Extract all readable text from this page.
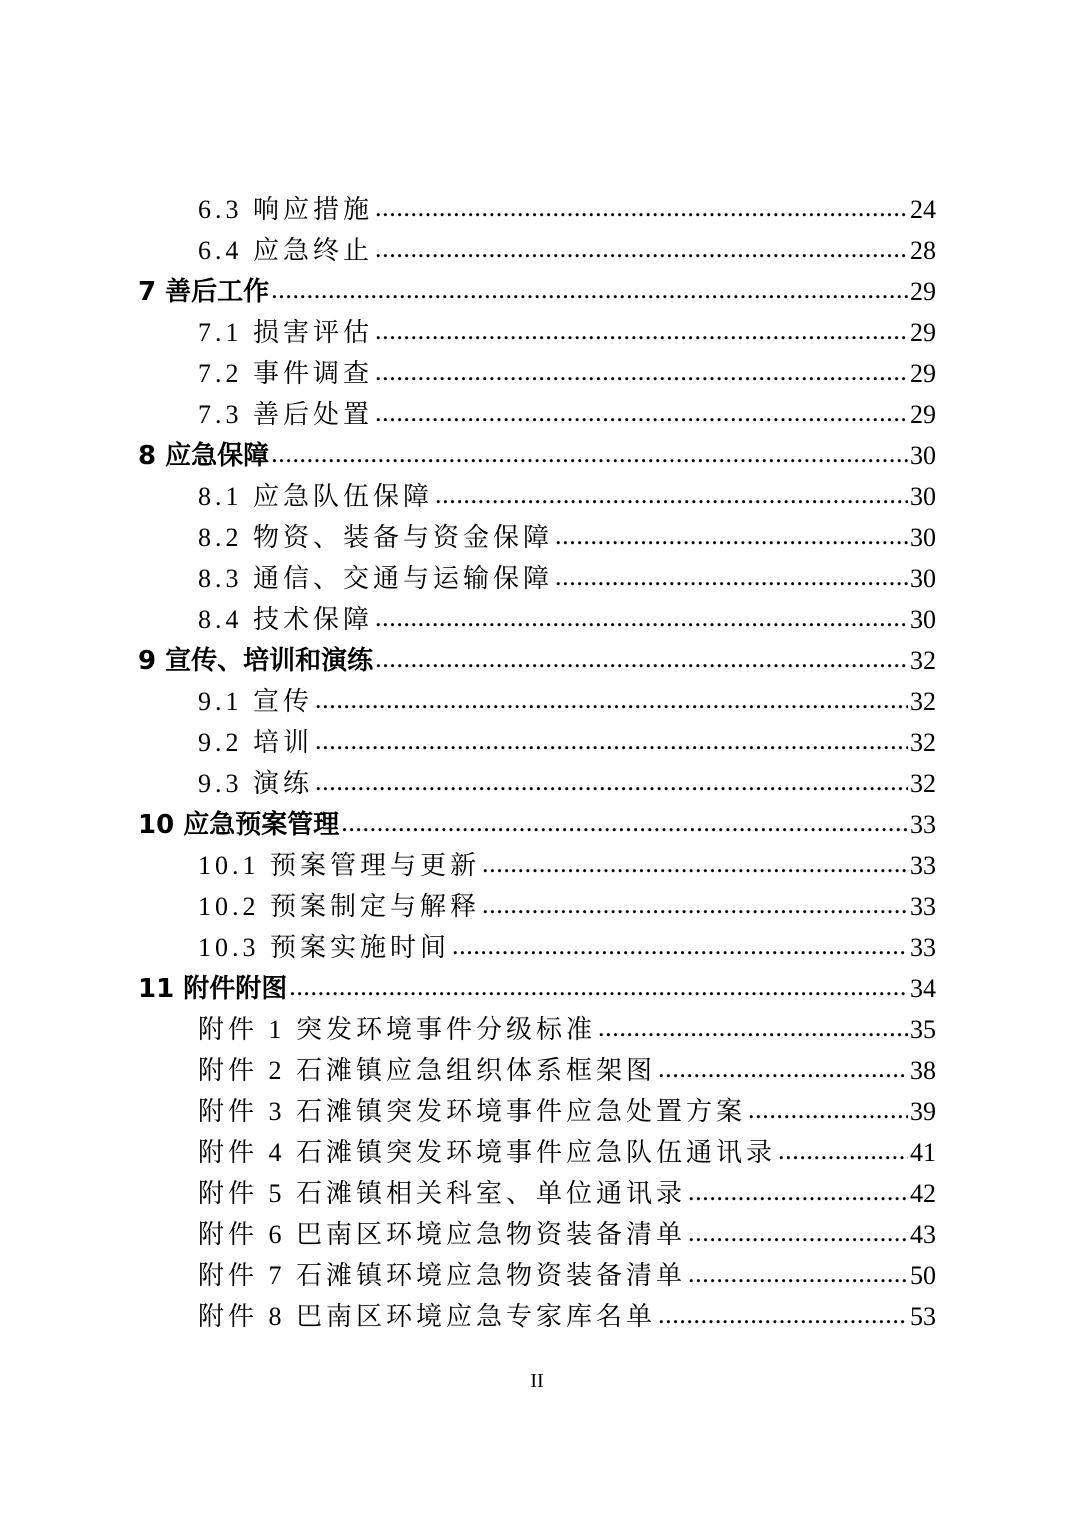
6.3 响应措施 .....	24
6.4 应急终止 .....	28
7 善后工作 .....	29
7.1 损害评估 .....	29
7.2 事件调查 .....	29
7.3 善后处置 .....	29
8 应急保障 .....	30
8.1 应急队伍保障 .....	30
8.2 物资、装备与资金保障 .....	30
8.3 通信、交通与运输保障 .....	30
8.4 技术保障 .....	30
9 宣传、培训和演练 .....	32
9.1 宣传 .....	32
9.2 培训 .....	32
9.3 演练 .....	32
10 应急预案管理 .....	33
10.1 预案管理与更新 .....	33
10.2 预案制定与解释 .....	33
10.3 预案实施时间 .....	33
11 附件附图 .....	34
附件 1 突发环境事件分级标准 .....	35
附件 2 石滩镇应急组织体系框架图 .....	38
附件 3 石滩镇突发环境事件应急处置方案 .....	39
附件 4 石滩镇突发环境事件应急队伍通讯录 .....	41
附件 5 石滩镇相关科室、单位通讯录 .....	42
附件 6 巴南区环境应急物资装备清单 .....	43
附件 7 石滩镇环境应急物资装备清单 .....	50
附件 8 巴南区环境应急专家库名单 .....	53
II
